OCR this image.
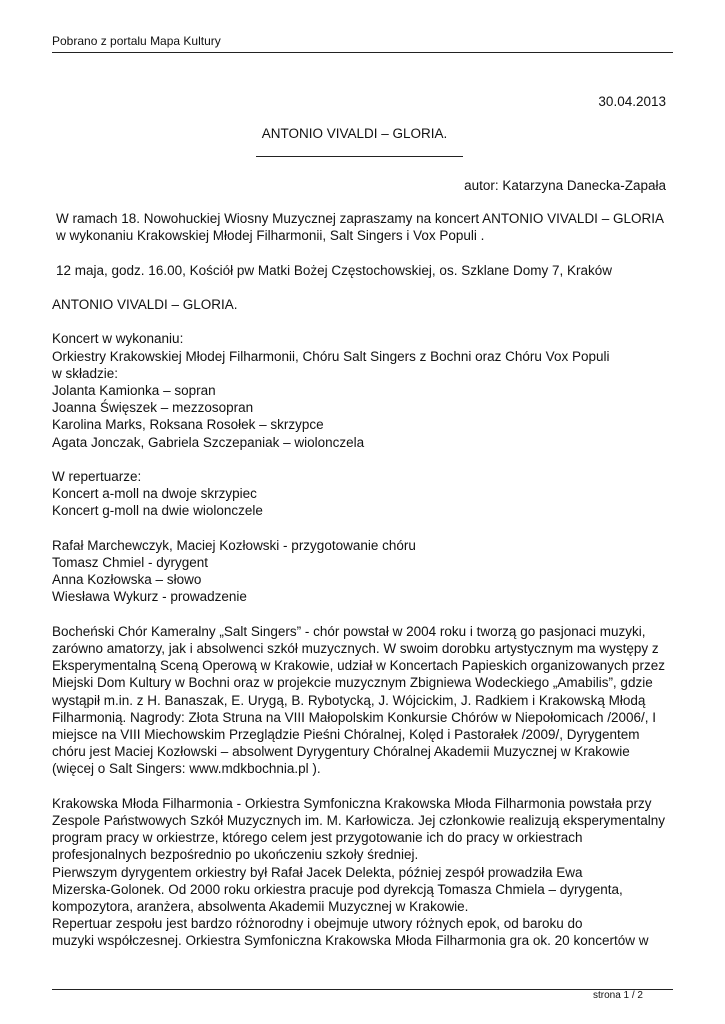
Pobrano z portalu Mapa Kultury
30.04.2013
ANTONIO VIVALDI – GLORIA.
autor: Katarzyna Danecka-Zapała

W ramach 18. Nowohuckiej Wiosny Muzycznej zapraszamy na koncert ANTONIO VIVALDI – GLORIA w wykonaniu Krakowskiej Młodej Filharmonii, Salt Singers i Vox Populi .

12 maja, godz. 16.00, Kościół pw Matki Bożej Częstochowskiej, os. Szklane Domy 7, Kraków

ANTONIO VIVALDI – GLORIA.

Koncert w wykonaniu:
Orkiestry Krakowskiej Młodej Filharmonii, Chóru Salt Singers z Bochni oraz Chóru Vox Populi
w składzie:
Jolanta Kamionka – sopran
Joanna Święszek – mezzosopran
Karolina Marks, Roksana Rosołek – skrzypce
Agata Jonczak, Gabriela Szczepaniak – wiolonczela

W repertuarze:
Koncert a-moll na dwoje skrzypiec
Koncert g-moll na dwie wiolonczele

Rafał Marchewczyk, Maciej Kozłowski - przygotowanie chóru
Tomasz Chmiel - dyrygent
Anna Kozłowska – słowo
Wiesława Wykurz - prowadzenie

Bocheński Chór Kameralny „Salt Singers” - chór powstał w 2004 roku i tworzą go pasjonaci muzyki,
zarówno amatorzy, jak i absolwenci szkół muzycznych. W swoim dorobku artystycznym ma występy z
Eksperymentalną Sceną Operową w Krakowie, udział w Koncertach Papieskich organizowanych przez
Miejski Dom Kultury w Bochni oraz w projekcie muzycznym Zbigniewa Wodeckiego „Amabilis”, gdzie
wystąpił m.in. z H. Banaszak, E. Urygą, B. Rybotycką, J. Wójcickim, J. Radkiem i Krakowską Młodą
Filharmonią. Nagrody: Złota Struna na VIII Małopolskim Konkursie Chórów w Niepołomicach /2006/, I
miejsce na VIII Miechowskim Przeglądzie Pieśni Chóralnej, Kolęd i Pastorałek /2009/, Dyrygentem
chóru jest Maciej Kozłowski – absolwent Dyrygentury Chóralnej Akademii Muzycznej w Krakowie
(więcej o Salt Singers: www.mdkbochnia.pl ).

Krakowska Młoda Filharmonia - Orkiestra Symfoniczna Krakowska Młoda Filharmonia powstała przy
Zespole Państwowych Szkół Muzycznych im. M. Karłowicza. Jej członkowie realizują eksperymentalny
program pracy w orkiestrze, którego celem jest przygotowanie ich do pracy w orkiestrach
profesjonalnych bezpośrednio po ukończeniu szkoły średniej.
Pierwszym dyrygentem orkiestry był Rafał Jacek Delekta, później zespół prowadziła Ewa
Mizerska-Golonek. Od 2000 roku orkiestra pracuje pod dyrekcją Tomasza Chmiela – dyrygenta,
kompozytora, aranżera, absolwenta Akademii Muzycznej w Krakowie.
Repertuar zespołu jest bardzo różnorodny i obejmuje utwory różnych epok, od baroku do
muzyki współczesnej. Orkiestra Symfoniczna Krakowska Młoda Filharmonia gra ok. 20 koncertów w

strona 1 / 2
